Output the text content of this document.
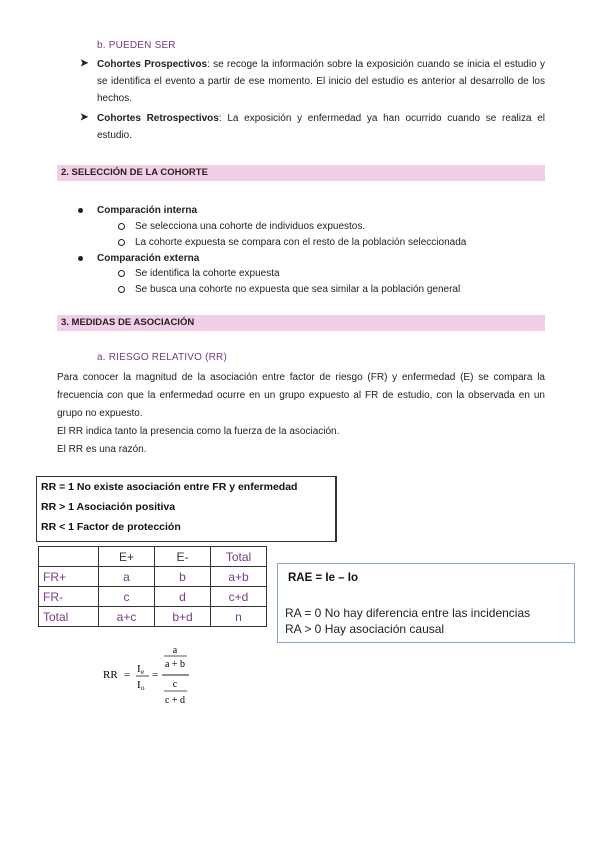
b. PUEDEN SER
➤ Cohortes Prospectivos: se recoge la información sobre la exposición cuando se inicia el estudio y se identifica el evento a partir de ese momento. El inicio del estudio es anterior al desarrollo de los hechos.
➤ Cohortes Retrospectivos: La exposición y enfermedad ya han ocurrido cuando se realiza el estudio.
2. SELECCIÓN DE LA COHORTE
Comparación interna
Se selecciona una cohorte de individuos expuestos.
La cohorte expuesta se compara con el resto de la población seleccionada
Comparación externa
Se identifica la cohorte expuesta
Se busca una cohorte no expuesta que sea similar a la población general
3. MEDIDAS DE ASOCIACIÓN
a. RIESGO RELATIVO (RR)
Para conocer la magnitud de la asociación entre factor de riesgo (FR) y enfermedad (E) se compara la frecuencia con que la enfermedad ocurre en un grupo expuesto al FR de estudio, con la observada en un grupo no expuesto.
El RR indica tanto la presencia como la fuerza de la asociación.
El RR es una razón.
RR = 1 No existe asociación entre FR y enfermedad
RR > 1 Asociación positiva
RR < 1 Factor de protección
	E+	E-	Total
FR+	a	b	a+b
FR-	c	d	c+d
Total	a+c	b+d	n
RAE = Ie – Io
RA = 0 No hay diferencia entre las incidencias
RA > 0 Hay asociación causal
RR = I e
I o
=
a
a + b
c
c + d
